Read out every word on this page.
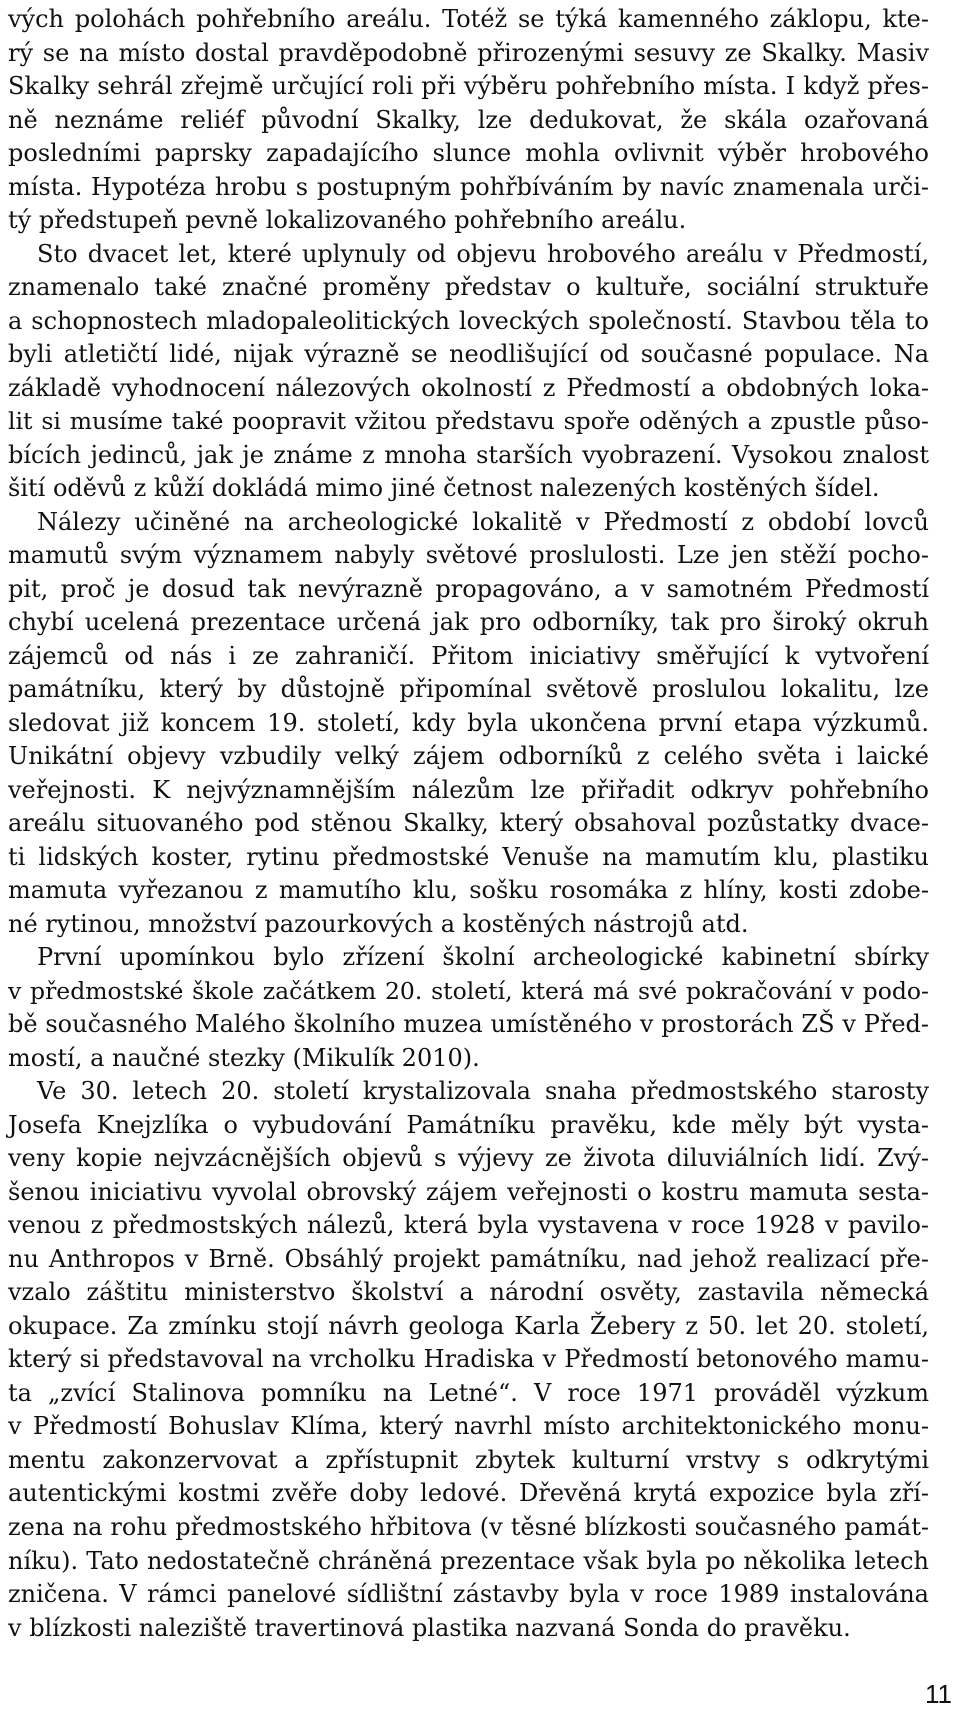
vých polohách pohřebního areálu. Totéž se týká kamenného záklopu, kte-
rý se na místo dostal pravděpodobně přirozenými sesuvy ze Skalky. Masiv
Skalky sehrál zřejmě určující roli při výběru pohřebního místa. I když přes-
ně neznáme reliéf původní Skalky, lze dedukovat, že skála ozařovaná
posledními paprsky zapadajícího slunce mohla ovlivnit výběr hrobového
místa. Hypotéza hrobu s postupným pohřbíváním by navíc znamenala urči-
tý předstupeň pevně lokalizovaného pohřebního areálu.
Sto dvacet let, které uplynuly od objevu hrobového areálu v Předmostí,
znamenalo také značné proměny představ o kultuře, sociální struktuře
a schopnostech mladopaleolitických loveckých společností. Stavbou těla to
byli atletičtí lidé, nijak výrazně se neodlišující od současné populace. Na
základě vyhodnocení nálezových okolností z Předmostí a obdobných loka-
lit si musíme také poopravit vžitou představu spoře oděných a zpustle půso-
bících jedinců, jak je známe z mnoha starších vyobrazení. Vysokou znalost
šití oděvů z kůží dokládá mimo jiné četnost nalezených kostěných šídel.
Nálezy učiněné na archeologické lokalitě v Předmostí z období lovců
mamutů svým významem nabyly světové proslulosti. Lze jen stěží pocho-
pit, proč je dosud tak nevýrazně propagováno, a v samotném Předmostí
chybí ucelená prezentace určená jak pro odborníky, tak pro široký okruh
zájemců od nás i ze zahraničí. Přitom iniciativy směřující k vytvoření
památníku, který by důstojně připomínal světově proslulou lokalitu, lze
sledovat již koncem 19. století, kdy byla ukončena první etapa výzkumů.
Unikátní objevy vzbudily velký zájem odborníků z celého světa i laické
veřejnosti. K nejvýznamnějším nálezům lze přiřadit odkryv pohřebního
areálu situovaného pod stěnou Skalky, který obsahoval pozůstatky dvace-
ti lidských koster, rytinu předmostské Venuše na mamutím klu, plastiku
mamuta vyřezanou z mamutího klu, sošku rosomáka z hlíny, kosti zdobe-
né rytinou, množství pazourkových a kostěných nástrojů atd.
První upomínkou bylo zřízení školní archeologické kabinetní sbírky
v předmostské škole začátkem 20. století, která má své pokračování v podo-
bě současného Malého školního muzea umístěného v prostorách ZŠ v Před-
mostí, a naučné stezky (Mikulík 2010).
Ve 30. letech 20. století krystalizovala snaha předmostského starosty
Josefa Knejzlíka o vybudování Památníku pravěku, kde měly být vysta-
veny kopie nejvzácnějších objevů s výjevy ze života diluviálních lidí. Zvý-
šenou iniciativu vyvolal obrovský zájem veřejnosti o kostru mamuta sesta-
venou z předmostských nálezů, která byla vystavena v roce 1928 v pavilo-
nu Anthropos v Brně. Obsáhlý projekt památníku, nad jehož realizací pře-
vzalo záštitu ministerstvo školství a národní osvěty, zastavila německá
okupace. Za zmínku stojí návrh geologa Karla Žebery z 50. let 20. století,
který si představoval na vrcholku Hradiska v Předmostí betonového mamu-
ta „zvící Stalinova pomníku na Letné“. V roce 1971 prováděl výzkum
v Předmostí Bohuslav Klíma, který navrhl místo architektonického monu-
mentu zakonzervovat a zpřístupnit zbytek kulturní vrstvy s odkrytými
autentickými kostmi zvěře doby ledové. Dřevěná krytá expozice byla zří-
zena na rohu předmostského hřbitova (v těsné blízkosti současného památ-
níku). Tato nedostatečně chráněná prezentace však byla po několika letech
zničena. V rámci panelové sídlištní zástavby byla v roce 1989 instalována
v blízkosti naleziště travertinová plastika nazvaná Sonda do pravěku.
11
